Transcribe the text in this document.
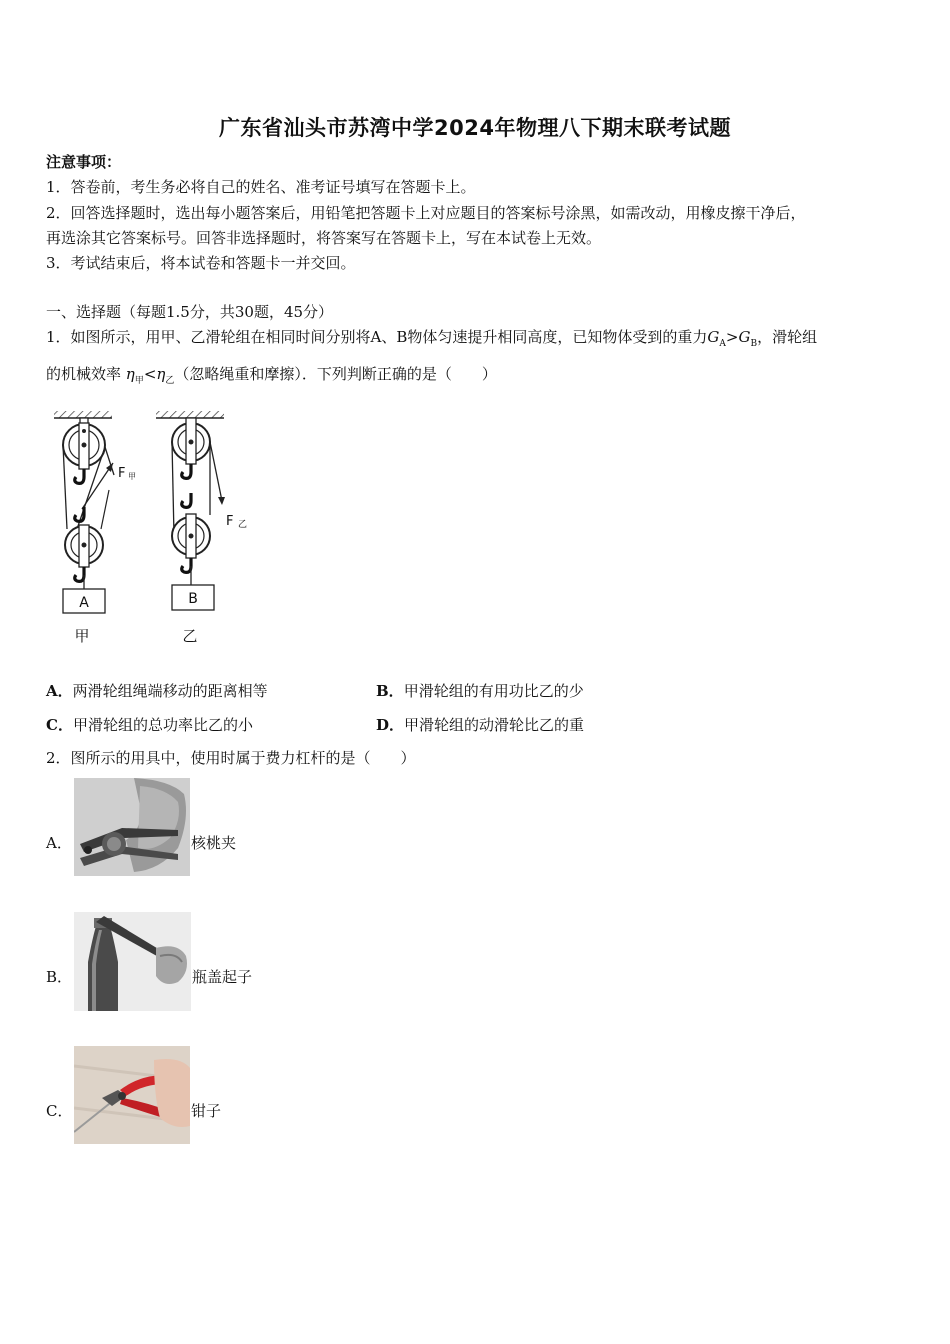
广东省汕头市苏湾中学2024年物理八下期末联考试题
注意事项：
1．答卷前，考生务必将自己的姓名、准考证号填写在答题卡上。
2．回答选择题时，选出每小题答案后，用铅笔把答题卡上对应题目的答案标号涂黑，如需改动，用橡皮擦干净后，
再选涂其它答案标号。回答非选择题时，将答案写在答题卡上，写在本试卷上无效。
3．考试结束后，将本试卷和答题卡一并交回。
一、选择题（每题1.5分，共30题，45分）
1．如图所示，用甲、乙滑轮组在相同时间分别将A、B物体匀速提升相同高度，已知物体受到的重力$G_A>G_B$，滑轮组
的机械效率 $\eta_甲<\eta_乙$（忽略绳重和摩擦）．下列判断正确的是（　　）
A
F 甲
甲
B
F 乙
乙
A．两滑轮组绳端移动的距离相等	B．甲滑轮组的有用功比乙的少
C．甲滑轮组的总功率比乙的小	D．甲滑轮组的动滑轮比乙的重
2．图所示的用具中，使用时属于费力杠杆的是（　　）
A．	核桃夹
B．	瓶盖起子
C．	钳子
